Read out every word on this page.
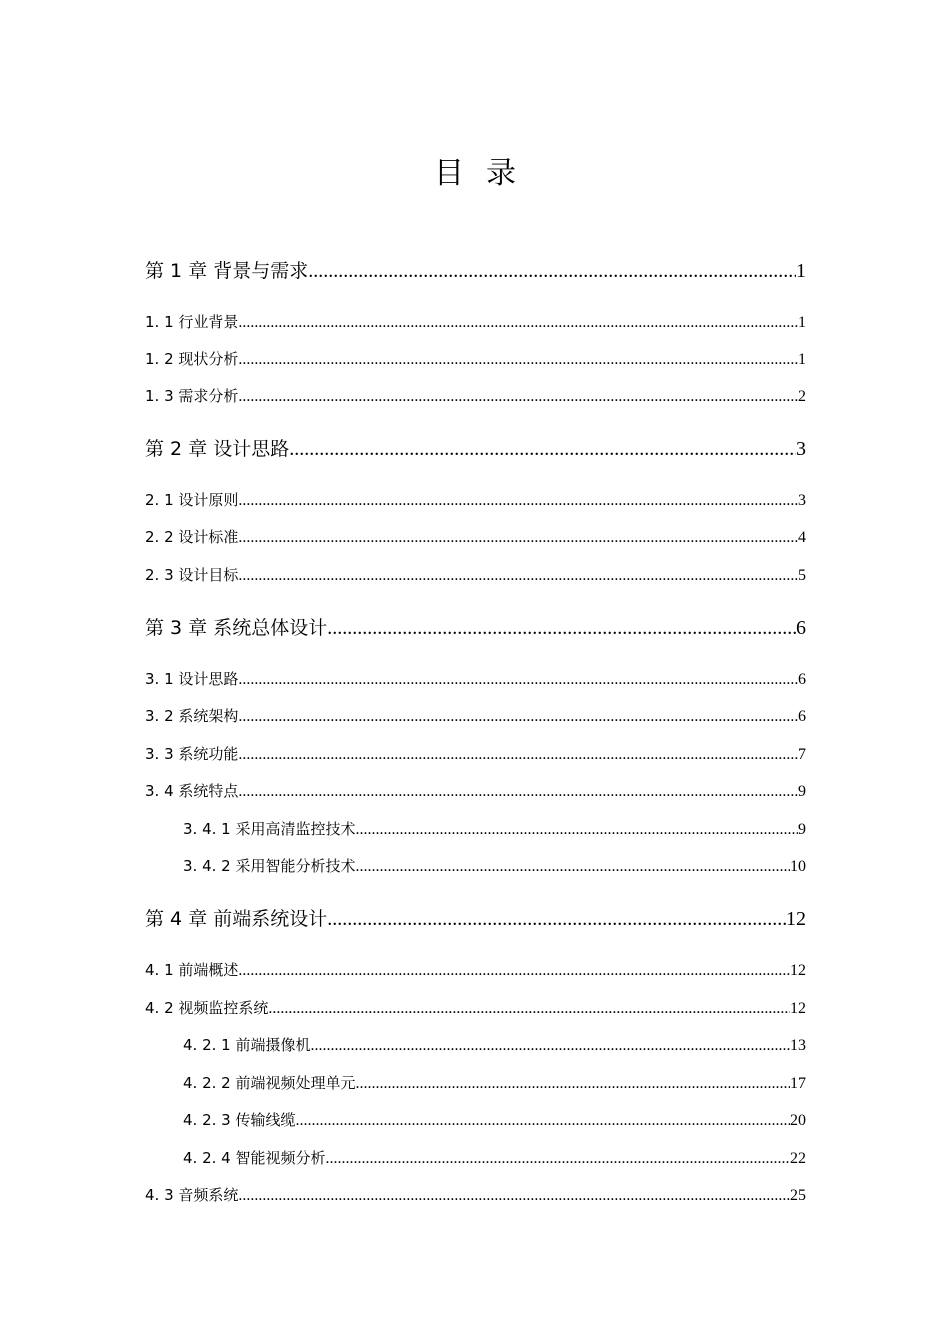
目录
第 1 章 背景与需求 .....	1
1. 1 行业背景 .....	1
1. 2 现状分析 .....	1
1. 3 需求分析 .....	2
第 2 章 设计思路 .....	3
2. 1 设计原则 .....	3
2. 2 设计标准 .....	4
2. 3 设计目标 .....	5
第 3 章 系统总体设计 .....	6
3. 1 设计思路 .....	6
3. 2 系统架构 .....	6
3. 3 系统功能 .....	7
3. 4 系统特点 .....	9
3. 4. 1 采用高清监控技术 .....	9
3. 4. 2 采用智能分析技术 .....	10
第 4 章 前端系统设计 .....	12
4. 1 前端概述 .....	12
4. 2 视频监控系统 .....	12
4. 2. 1 前端摄像机 .....	13
4. 2. 2 前端视频处理单元 .....	17
4. 2. 3 传输线缆 .....	20
4. 2. 4 智能视频分析 .....	22
4. 3 音频系统 .....	25
